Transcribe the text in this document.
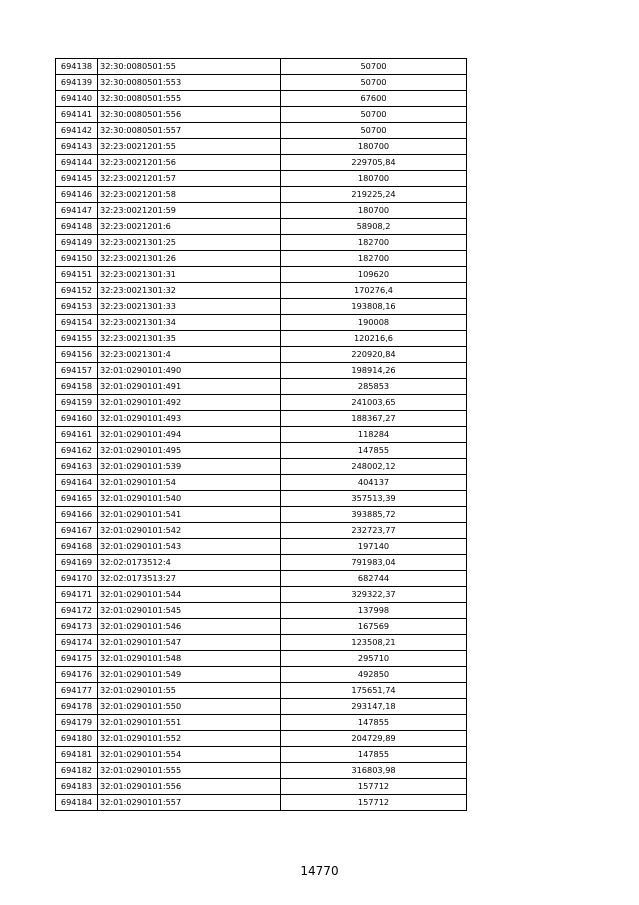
694138	32:30:0080501:55	50700
694139	32:30:0080501:553	50700
694140	32:30:0080501:555	67600
694141	32:30:0080501:556	50700
694142	32:30:0080501:557	50700
694143	32:23:0021201:55	180700
694144	32:23:0021201:56	229705,84
694145	32:23:0021201:57	180700
694146	32:23:0021201:58	219225,24
694147	32:23:0021201:59	180700
694148	32:23:0021201:6	58908,2
694149	32:23:0021301:25	182700
694150	32:23:0021301:26	182700
694151	32:23:0021301:31	109620
694152	32:23:0021301:32	170276,4
694153	32:23:0021301:33	193808,16
694154	32:23:0021301:34	190008
694155	32:23:0021301:35	120216,6
694156	32:23:0021301:4	220920,84
694157	32:01:0290101:490	198914,26
694158	32:01:0290101:491	285853
694159	32:01:0290101:492	241003,65
694160	32:01:0290101:493	188367,27
694161	32:01:0290101:494	118284
694162	32:01:0290101:495	147855
694163	32:01:0290101:539	248002,12
694164	32:01:0290101:54	404137
694165	32:01:0290101:540	357513,39
694166	32:01:0290101:541	393885,72
694167	32:01:0290101:542	232723,77
694168	32:01:0290101:543	197140
694169	32:02:0173512:4	791983,04
694170	32:02:0173513:27	682744
694171	32:01:0290101:544	329322,37
694172	32:01:0290101:545	137998
694173	32:01:0290101:546	167569
694174	32:01:0290101:547	123508,21
694175	32:01:0290101:548	295710
694176	32:01:0290101:549	492850
694177	32:01:0290101:55	175651,74
694178	32:01:0290101:550	293147,18
694179	32:01:0290101:551	147855
694180	32:01:0290101:552	204729,89
694181	32:01:0290101:554	147855
694182	32:01:0290101:555	316803,98
694183	32:01:0290101:556	157712
694184	32:01:0290101:557	157712
14770
